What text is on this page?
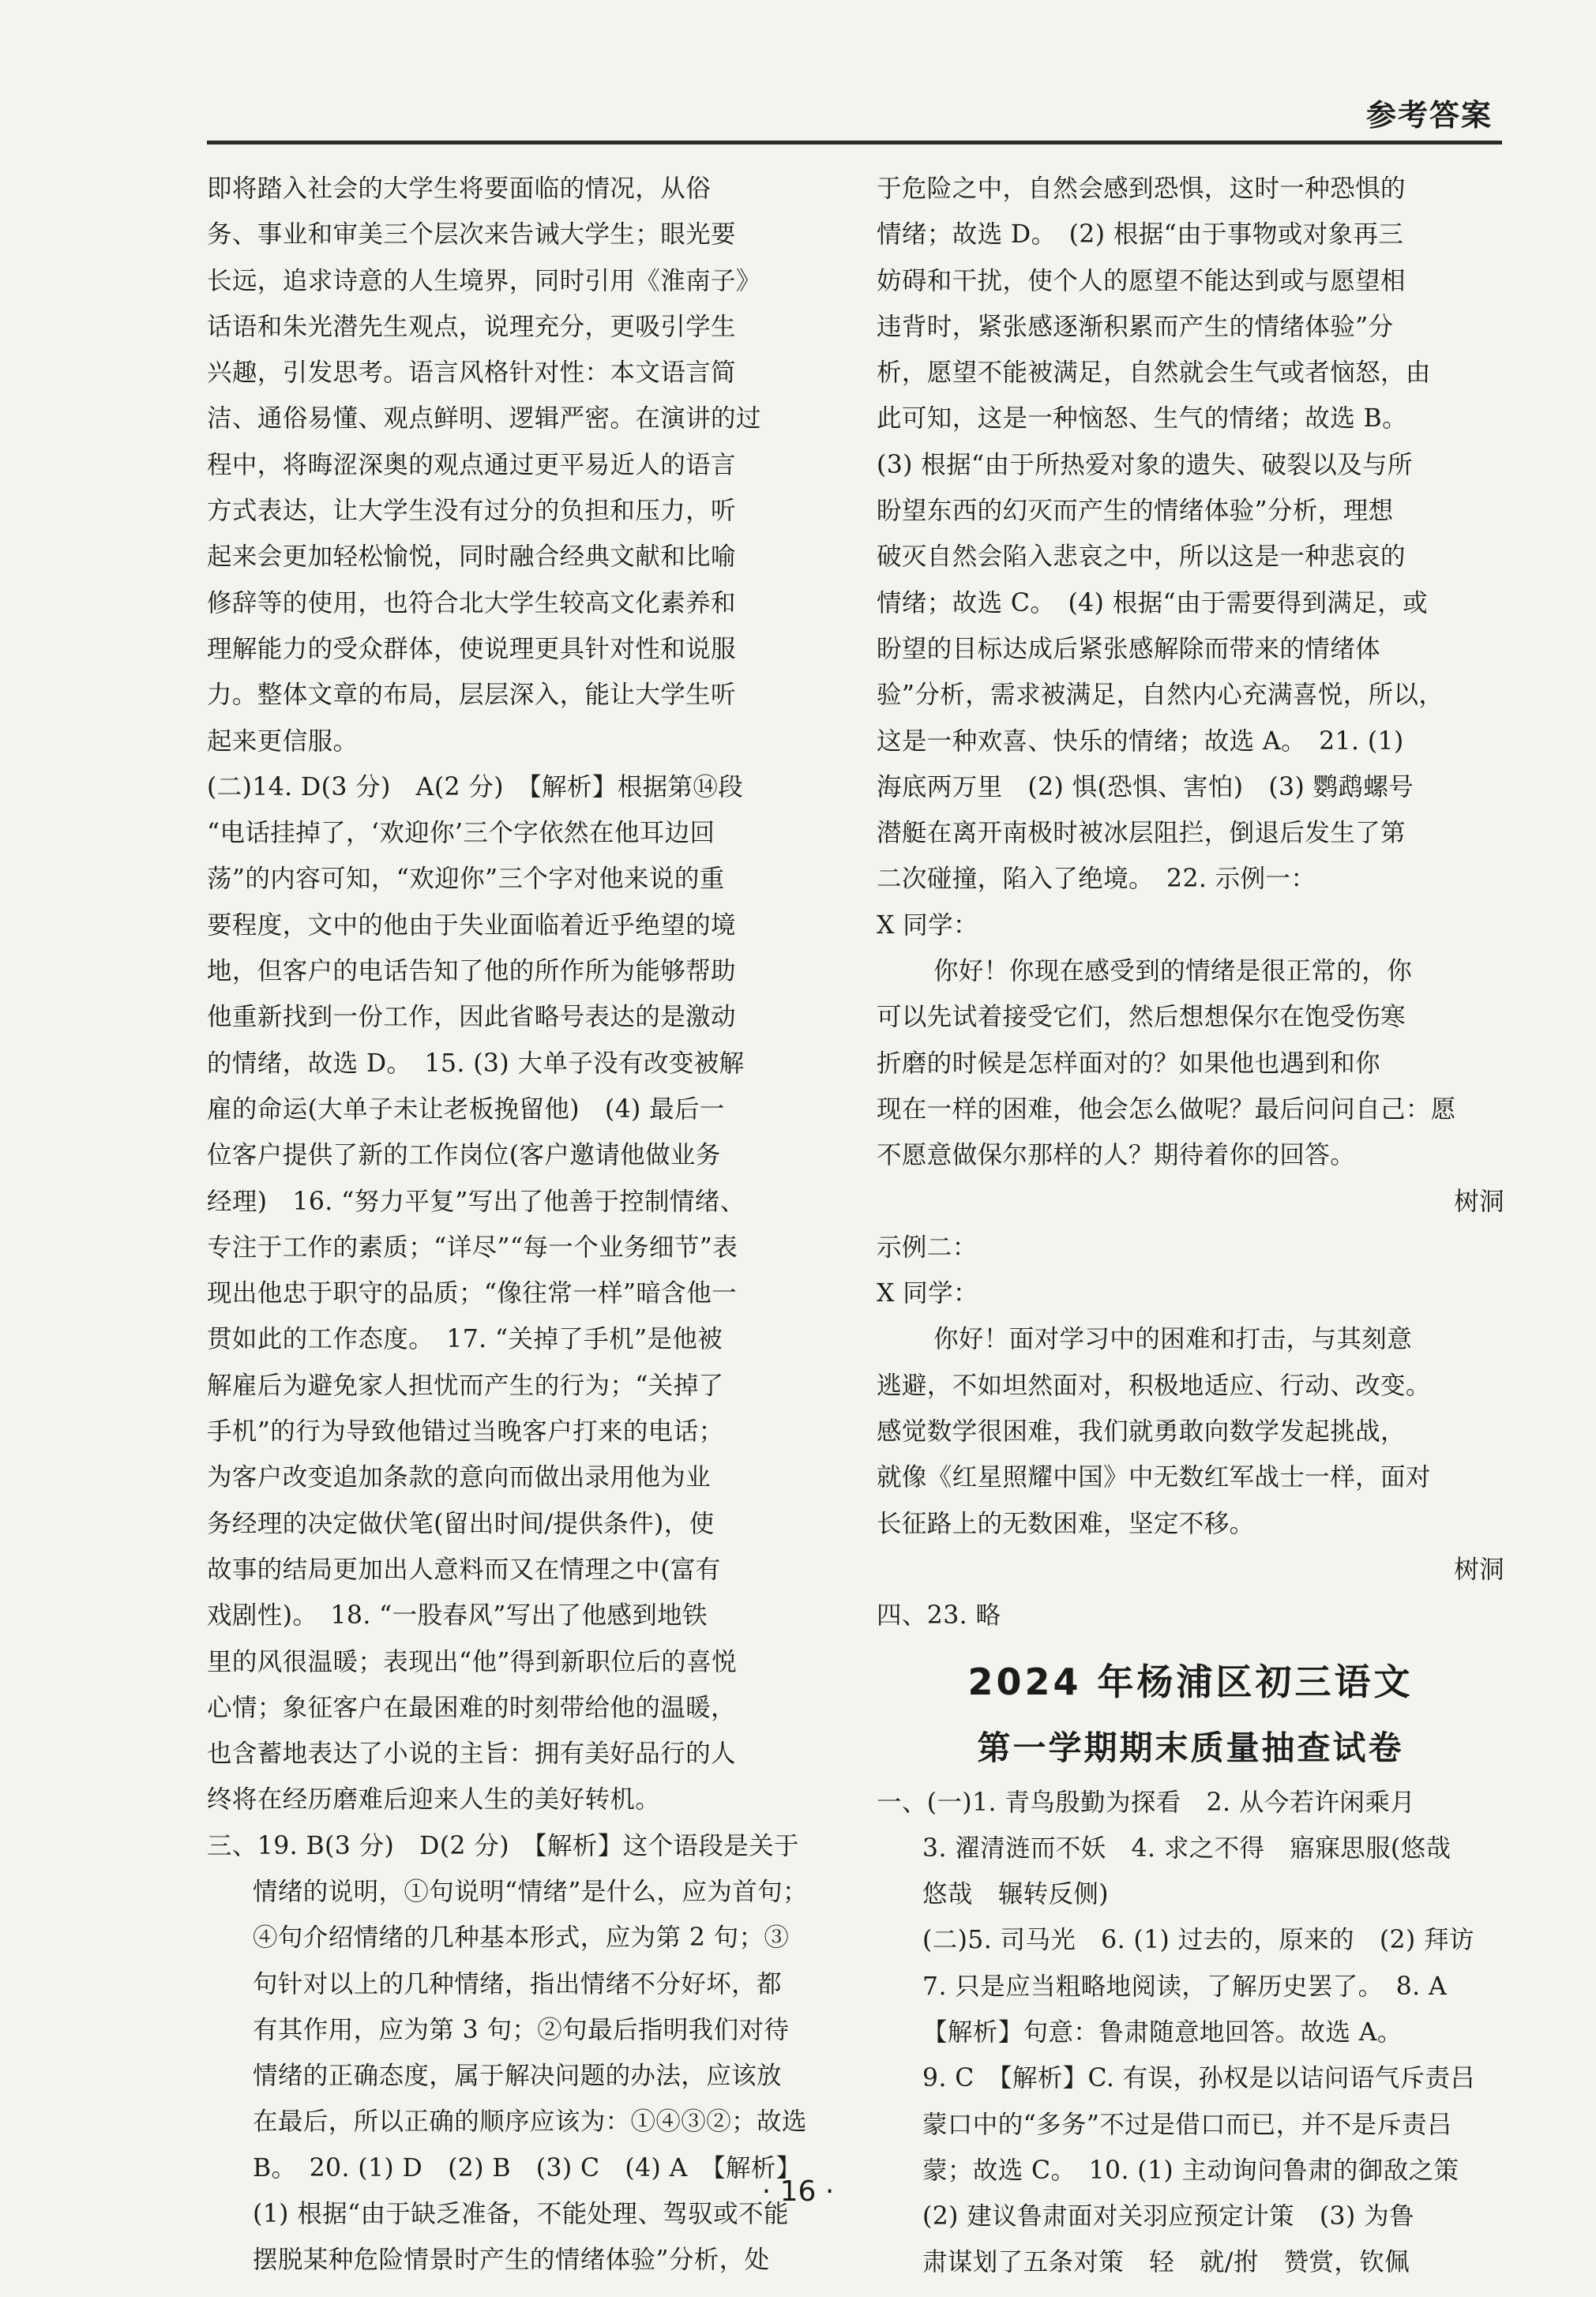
参考答案
即将踏入社会的大学生将要面临的情况，从俗
务、事业和审美三个层次来告诫大学生；眼光要
长远，追求诗意的人生境界，同时引用《淮南子》
话语和朱光潜先生观点，说理充分，更吸引学生
兴趣，引发思考。语言风格针对性：本文语言简
洁、通俗易懂、观点鲜明、逻辑严密。在演讲的过
程中，将晦涩深奥的观点通过更平易近人的语言
方式表达，让大学生没有过分的负担和压力，听
起来会更加轻松愉悦，同时融合经典文献和比喻
修辞等的使用，也符合北大学生较高文化素养和
理解能力的受众群体，使说理更具针对性和说服
力。整体文章的布局，层层深入，能让大学生听
起来更信服。
(二)14. D(3 分)　A(2 分)　【解析】根据第⑭段
“电话挂掉了，‘欢迎你’三个字依然在他耳边回
荡”的内容可知，“欢迎你”三个字对他来说的重
要程度，文中的他由于失业面临着近乎绝望的境
地，但客户的电话告知了他的所作所为能够帮助
他重新找到一份工作，因此省略号表达的是激动
的情绪，故选 D。　15. (3) 大单子没有改变被解
雇的命运(大单子未让老板挽留他)　(4) 最后一
位客户提供了新的工作岗位(客户邀请他做业务
经理)　16. “努力平复”写出了他善于控制情绪、
专注于工作的素质；“详尽”“每一个业务细节”表
现出他忠于职守的品质；“像往常一样”暗含他一
贯如此的工作态度。　17. “关掉了手机”是他被
解雇后为避免家人担忧而产生的行为；“关掉了
手机”的行为导致他错过当晚客户打来的电话；
为客户改变追加条款的意向而做出录用他为业
务经理的决定做伏笔(留出时间/提供条件)，使
故事的结局更加出人意料而又在情理之中(富有
戏剧性)。　18. “一股春风”写出了他感到地铁
里的风很温暖；表现出“他”得到新职位后的喜悦
心情；象征客户在最困难的时刻带给他的温暖，
也含蓄地表达了小说的主旨：拥有美好品行的人
终将在经历磨难后迎来人生的美好转机。
三、19. B(3 分)　D(2 分)　【解析】这个语段是关于
情绪的说明，①句说明“情绪”是什么，应为首句；
④句介绍情绪的几种基本形式，应为第 2 句；③
句针对以上的几种情绪，指出情绪不分好坏，都
有其作用，应为第 3 句；②句最后指明我们对待
情绪的正确态度，属于解决问题的办法，应该放
在最后，所以正确的顺序应该为：①④③②；故选
B。　20. (1) D　(2) B　(3) C　(4) A　【解析】
(1) 根据“由于缺乏准备，不能处理、驾驭或不能
摆脱某种危险情景时产生的情绪体验”分析，处
于危险之中，自然会感到恐惧，这时一种恐惧的
情绪；故选 D。　(2) 根据“由于事物或对象再三
妨碍和干扰，使个人的愿望不能达到或与愿望相
违背时，紧张感逐渐积累而产生的情绪体验”分
析，愿望不能被满足，自然就会生气或者恼怒，由
此可知，这是一种恼怒、生气的情绪；故选 B。
(3) 根据“由于所热爱对象的遗失、破裂以及与所
盼望东西的幻灭而产生的情绪体验”分析，理想
破灭自然会陷入悲哀之中，所以这是一种悲哀的
情绪；故选 C。　(4) 根据“由于需要得到满足，或
盼望的目标达成后紧张感解除而带来的情绪体
验”分析，需求被满足，自然内心充满喜悦，所以，
这是一种欢喜、快乐的情绪；故选 A。　21. (1)
海底两万里　(2) 惧(恐惧、害怕)　(3) 鹦鹉螺号
潜艇在离开南极时被冰层阻拦，倒退后发生了第
二次碰撞，陷入了绝境。　22. 示例一：
X 同学：
你好！你现在感受到的情绪是很正常的，你
可以先试着接受它们，然后想想保尔在饱受伤寒
折磨的时候是怎样面对的？如果他也遇到和你
现在一样的困难，他会怎么做呢？最后问问自己：愿
不愿意做保尔那样的人？期待着你的回答。
树洞
示例二：
X 同学：
你好！面对学习中的困难和打击，与其刻意
逃避，不如坦然面对，积极地适应、行动、改变。
感觉数学很困难，我们就勇敢向数学发起挑战，
就像《红星照耀中国》中无数红军战士一样，面对
长征路上的无数困难，坚定不移。
树洞
四、23. 略
2024 年杨浦区初三语文
第一学期期末质量抽查试卷
一、(一)1. 青鸟殷勤为探看　2. 从今若许闲乘月
3. 濯清涟而不妖　4. 求之不得　寤寐思服(悠哉
悠哉　辗转反侧)
(二)5. 司马光　6. (1) 过去的，原来的　(2) 拜访
7. 只是应当粗略地阅读，了解历史罢了。　8. A
【解析】句意：鲁肃随意地回答。故选 A。
9. C　【解析】C. 有误，孙权是以诘问语气斥责吕
蒙口中的“多务”不过是借口而已，并不是斥责吕
蒙；故选 C。　10. (1) 主动询问鲁肃的御敌之策
(2) 建议鲁肃面对关羽应预定计策　(3) 为鲁
肃谋划了五条对策　轻　就/拊　赞赏，钦佩
· 16 ·
